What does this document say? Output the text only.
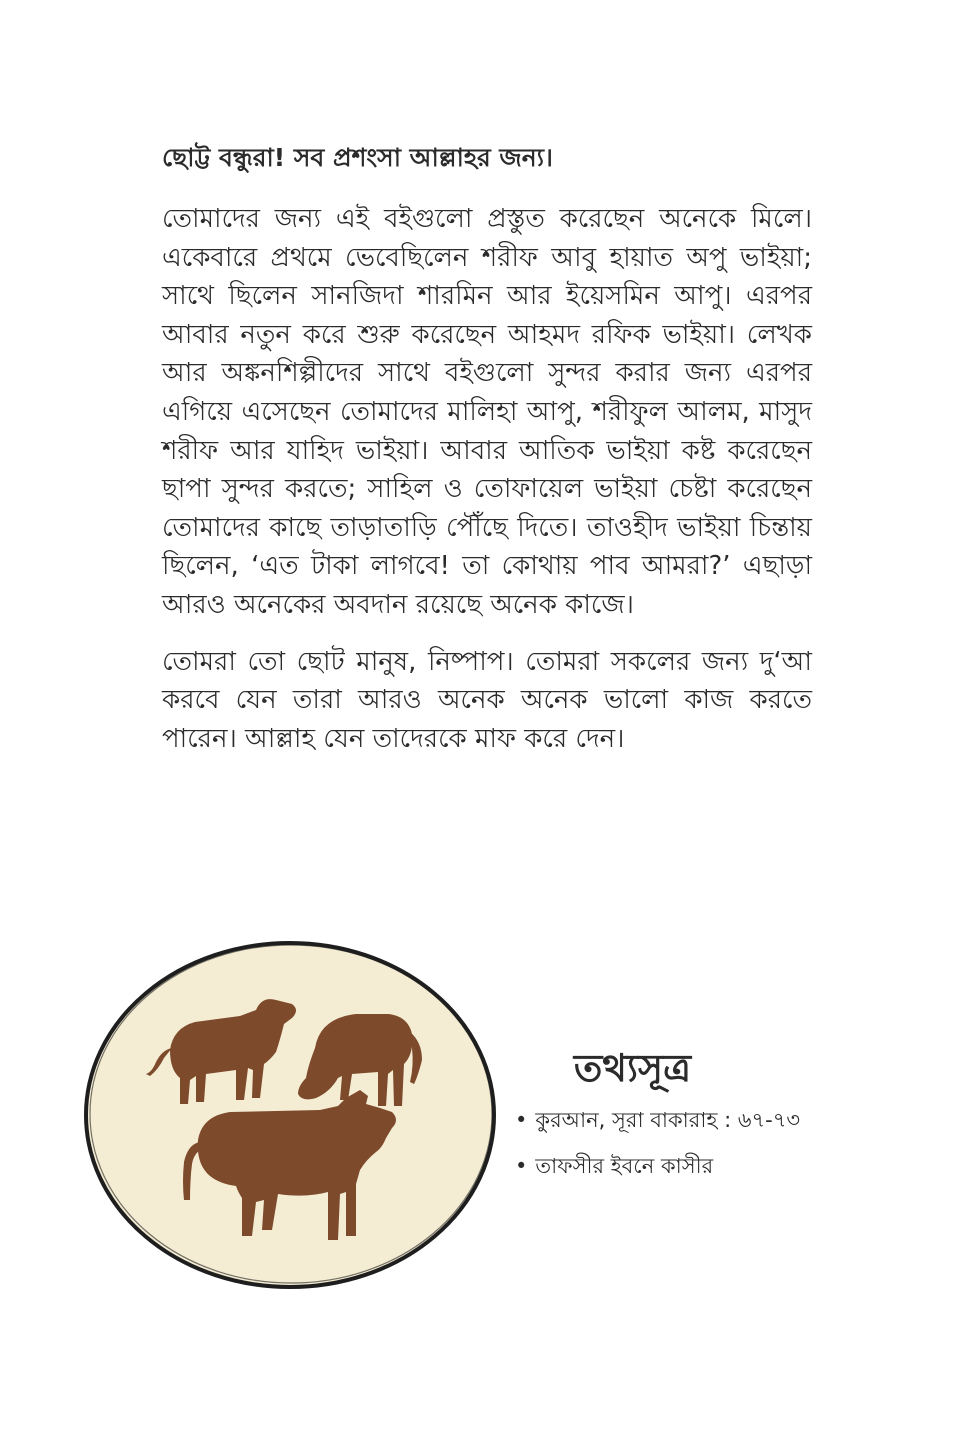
ছোট্ট বন্ধুরা! সব প্রশংসা আল্লাহর জন্য।

তোমাদের জন্য এই বইগুলো প্রস্তুত করেছেন অনেকে মিলে। একেবারে প্রথমে ভেবেছিলেন শরীফ আবু হায়াত অপু ভাইয়া; সাথে ছিলেন সানজিদা শারমিন আর ইয়েসমিন আপু। এরপর আবার নতুন করে শুরু করেছেন আহমদ রফিক ভাইয়া। লেখক আর অঙ্কনশিল্পীদের সাথে বইগুলো সুন্দর করার জন্য এরপর এগিয়ে এসেছেন তোমাদের মালিহা আপু, শরীফুল আলম, মাসুদ শরীফ আর যাহিদ ভাইয়া। আবার আতিক ভাইয়া কষ্ট করেছেন ছাপা সুন্দর করতে; সাহিল ও তোফায়েল ভাইয়া চেষ্টা করেছেন তোমাদের কাছে তাড়াতাড়ি পৌঁছে দিতে। তাওহীদ ভাইয়া চিন্তায় ছিলেন, ‘এত টাকা লাগবে! তা কোথায় পাব আমরা?’ এছাড়া আরও অনেকের অবদান রয়েছে অনেক কাজে।

তোমরা তো ছোট মানুষ, নিষ্পাপ। তোমরা সকলের জন্য দু‘আ করবে যেন তারা আরও অনেক অনেক ভালো কাজ করতে পারেন। আল্লাহ যেন তাদেরকে মাফ করে দেন।

তথ্যসূত্র
• কুরআন, সূরা বাকারাহ : ৬৭-৭৩
• তাফসীর ইবনে কাসীর
